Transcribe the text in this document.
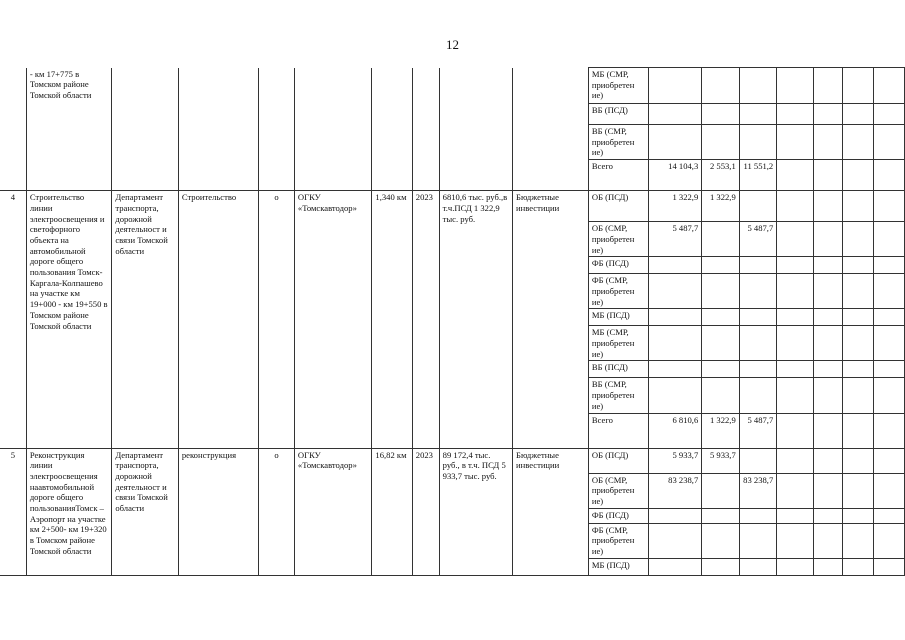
12
	- км 17+775 в Томском районе Томской области									МБ (СМР, приобретен ие)							
										ВБ (ПСД)							
										ВБ (СМР, приобретен ие)							
										Всего	14 104,3	2 553,1	11 551,2				
4	Строительство линии электроосвещения и светофорного объекта на автомобильной дороге общего пользования Томск-Каргала-Колпашево на участке км 19+000 - км 19+550 в Томском районе Томской области	Департамент транспорта, дорожной деятельност и связи Томской области	Строительство	о	ОГКУ «Томскавтодор»	1,340 км	2023	6810,6 тыс. руб.,в т.ч.ПСД 1 322,9 тыс. руб.	Бюджетные инвестиции	ОБ (ПСД)	1 322,9	1 322,9					
										ОБ (СМР, приобретен ие)	5 487,7		5 487,7				
										ФБ (ПСД)							
										ФБ (СМР, приобретен ие)							
										МБ (ПСД)							
										МБ (СМР, приобретен ие)							
										ВБ (ПСД)							
										ВБ (СМР, приобретен ие)							
										Всего	6 810,6	1 322,9	5 487,7				
5	Реконструкция линии электроосвещения наавтомобильной дороге общего пользованияТомск – Аэропорт на участке км 2+500- км 19+320 в Томском районе Томской области	Департамент транспорта, дорожной деятельност и связи Томской области	реконструкция	о	ОГКУ «Томскавтодор»	16,82 км	2023	89 172,4 тыс. руб., в т.ч. ПСД 5 933,7 тыс. руб.	Бюджетные инвестиции	ОБ (ПСД)	5 933,7	5 933,7					
										ОБ (СМР, приобретен ие)	83 238,7		83 238,7				
										ФБ (ПСД)							
										ФБ (СМР, приобретен ие)							
										МБ (ПСД)							
